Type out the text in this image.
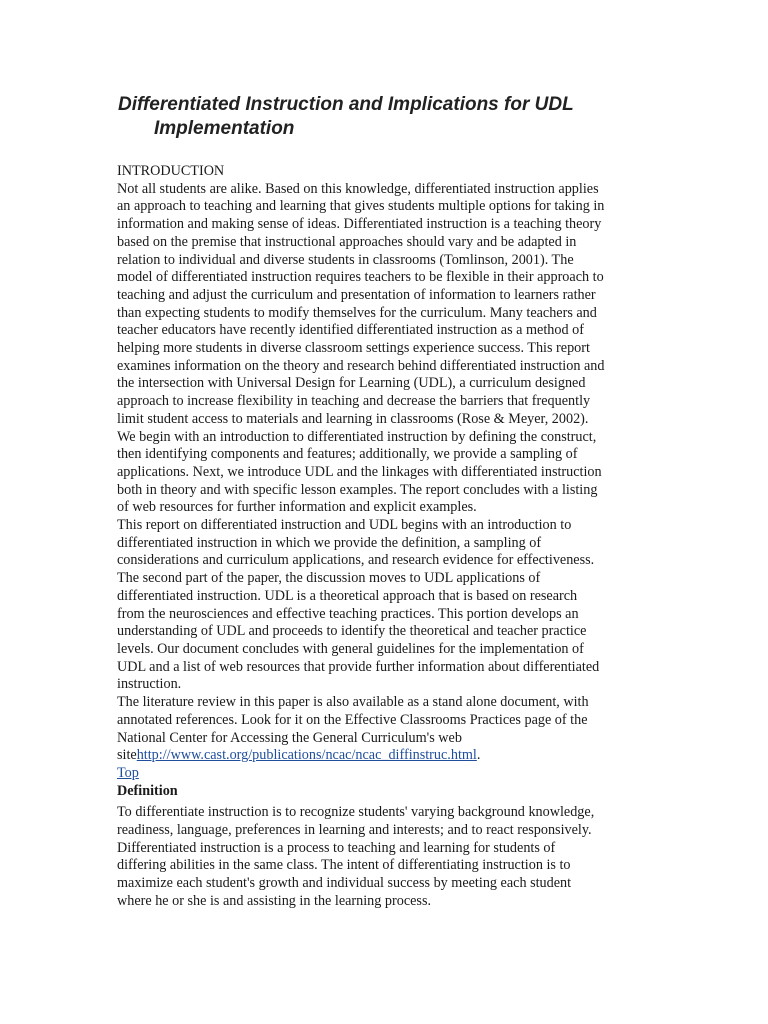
Differentiated Instruction and Implications for UDL
Implementation
INTRODUCTION
Not all students are alike. Based on this knowledge, differentiated instruction applies
an approach to teaching and learning that gives students multiple options for taking in
information and making sense of ideas. Differentiated instruction is a teaching theory
based on the premise that instructional approaches should vary and be adapted in
relation to individual and diverse students in classrooms (Tomlinson, 2001). The
model of differentiated instruction requires teachers to be flexible in their approach to
teaching and adjust the curriculum and presentation of information to learners rather
than expecting students to modify themselves for the curriculum. Many teachers and
teacher educators have recently identified differentiated instruction as a method of
helping more students in diverse classroom settings experience success. This report
examines information on the theory and research behind differentiated instruction and
the intersection with Universal Design for Learning (UDL), a curriculum designed
approach to increase flexibility in teaching and decrease the barriers that frequently
limit student access to materials and learning in classrooms (Rose & Meyer, 2002).
We begin with an introduction to differentiated instruction by defining the construct,
then identifying components and features; additionally, we provide a sampling of
applications. Next, we introduce UDL and the linkages with differentiated instruction
both in theory and with specific lesson examples. The report concludes with a listing
of web resources for further information and explicit examples.
This report on differentiated instruction and UDL begins with an introduction to
differentiated instruction in which we provide the definition, a sampling of
considerations and curriculum applications, and research evidence for effectiveness.
The second part of the paper, the discussion moves to UDL applications of
differentiated instruction. UDL is a theoretical approach that is based on research
from the neurosciences and effective teaching practices. This portion develops an
understanding of UDL and proceeds to identify the theoretical and teacher practice
levels. Our document concludes with general guidelines for the implementation of
UDL and a list of web resources that provide further information about differentiated
instruction.
The literature review in this paper is also available as a stand alone document, with
annotated references. Look for it on the Effective Classrooms Practices page of the
National Center for Accessing the General Curriculum's web
sitehttp://www.cast.org/publications/ncac/ncac_diffinstruc.html.
Top
Definition
To differentiate instruction is to recognize students' varying background knowledge,
readiness, language, preferences in learning and interests; and to react responsively.
Differentiated instruction is a process to teaching and learning for students of
differing abilities in the same class. The intent of differentiating instruction is to
maximize each student's growth and individual success by meeting each student
where he or she is and assisting in the learning process.
